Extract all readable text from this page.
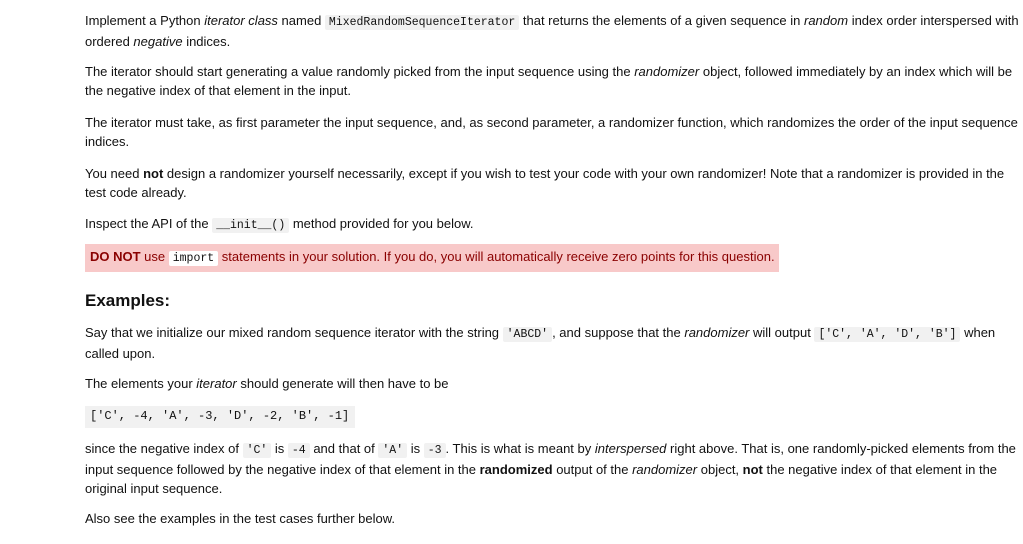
Implement a Python iterator class named MixedRandomSequenceIterator that returns the elements of a given sequence in random index order interspersed with ordered negative indices.

The iterator should start generating a value randomly picked from the input sequence using the randomizer object, followed immediately by an index which will be the negative index of that element in the input.

The iterator must take, as first parameter the input sequence, and, as second parameter, a randomizer function, which randomizes the order of the input sequence indices.

You need not design a randomizer yourself necessarily, except if you wish to test your code with your own randomizer! Note that a randomizer is provided in the test code already.

Inspect the API of the __init__() method provided for you below.

DO NOT use import statements in your solution. If you do, you will automatically receive zero points for this question.
Examples:

Say that we initialize our mixed random sequence iterator with the string 'ABCD' , and suppose that the randomizer will output ['C', 'A', 'D', 'B'] when called upon.

The elements your iterator should generate will then have to be

['C', -4, 'A', -3, 'D', -2, 'B', -1]

since the negative index of 'C' is -4 and that of 'A' is -3 . This is what is meant by interspersed right above. That is, one randomly-picked elements from the input sequence followed by the negative index of that element in the randomized output of the randomizer object, not the negative index of that element in the original input sequence.

Also see the examples in the test cases further below.
